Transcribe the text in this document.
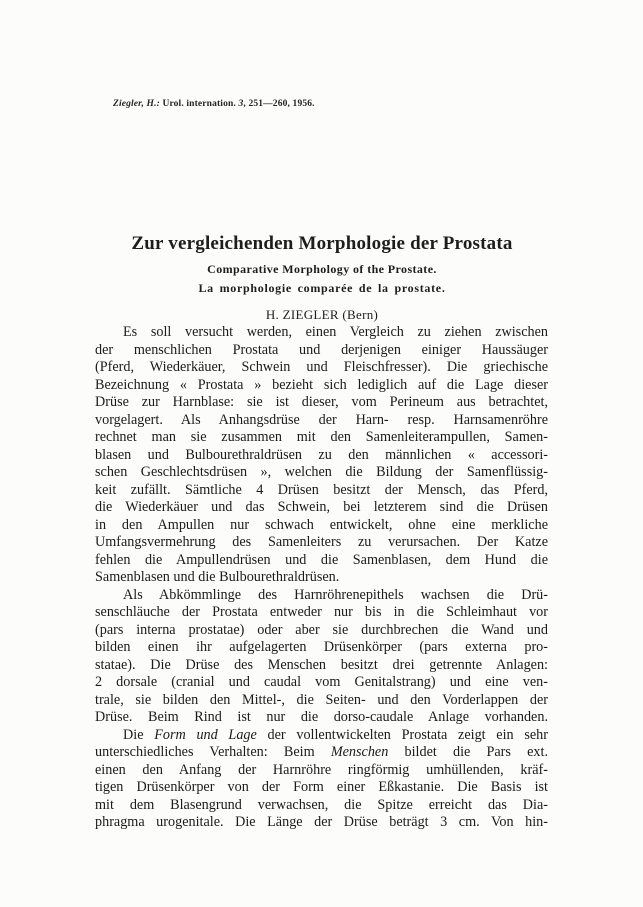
Ziegler, H.: Urol. internation. 3, 251—260, 1956.
Zur vergleichenden Morphologie der Prostata
Comparative Morphology of the Prostate.
La morphologie comparée de la prostate.
H. ZIEGLER (Bern)
Es soll versucht werden, einen Vergleich zu ziehen zwischen
der menschlichen Prostata und derjenigen einiger Haussäuger
(Pferd, Wiederkäuer, Schwein und Fleischfresser). Die griechische
Bezeichnung « Prostata » bezieht sich lediglich auf die Lage dieser
Drüse zur Harnblase: sie ist dieser, vom Perineum aus betrachtet,
vorgelagert. Als Anhangsdrüse der Harn- resp. Harnsamenröhre
rechnet man sie zusammen mit den Samenleiterampullen, Samen-
blasen und Bulbourethraldrüsen zu den männlichen « accessori-
schen Geschlechtsdrüsen », welchen die Bildung der Samenflüssig-
keit zufällt. Sämtliche 4 Drüsen besitzt der Mensch, das Pferd,
die Wiederkäuer und das Schwein, bei letzterem sind die Drüsen
in den Ampullen nur schwach entwickelt, ohne eine merkliche
Umfangsvermehrung des Samenleiters zu verursachen. Der Katze
fehlen die Ampullendrüsen und die Samenblasen, dem Hund die
Samenblasen und die Bulbourethraldrüsen.
Als Abkömmlinge des Harnröhrenepithels wachsen die Drü-
senschläuche der Prostata entweder nur bis in die Schleimhaut vor
(pars interna prostatae) oder aber sie durchbrechen die Wand und
bilden einen ihr aufgelagerten Drüsenkörper (pars externa pro-
statae). Die Drüse des Menschen besitzt drei getrennte Anlagen:
2 dorsale (cranial und caudal vom Genitalstrang) und eine ven-
trale, sie bilden den Mittel-, die Seiten- und den Vorderlappen der
Drüse. Beim Rind ist nur die dorso-caudale Anlage vorhanden.
Die Form und Lage der vollentwickelten Prostata zeigt ein sehr
unterschiedliches Verhalten: Beim Menschen bildet die Pars ext.
einen den Anfang der Harnröhre ringförmig umhüllenden, kräf-
tigen Drüsenkörper von der Form einer Eßkastanie. Die Basis ist
mit dem Blasengrund verwachsen, die Spitze erreicht das Dia-
phragma urogenitale. Die Länge der Drüse beträgt 3 cm. Von hin-
